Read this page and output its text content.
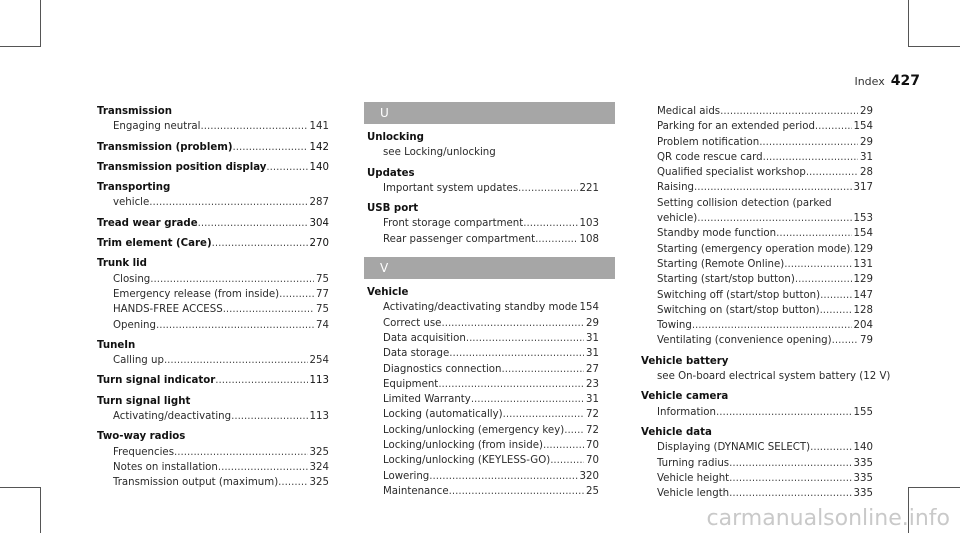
Index 427
Transmission
Engaging neutral .....	141
Transmission (problem) .....	142
Transmission position display .....	140
Transporting
vehicle .....	287
Tread wear grade .....	304
Trim element (Care) .....	270
Trunk lid
Closing .....	75
Emergency release (from inside) .....	77
HANDS-FREE ACCESS .....	75
Opening .....	74
TuneIn
Calling up .....	254
Turn signal indicator .....	113
Turn signal light
Activating/deactivating .....	113
Two-way radios
Frequencies .....	325
Notes on installation .....	324
Transmission output (maximum) .....	325
U
Unlocking
see Locking/unlocking
Updates
Important system updates .....	221
USB port
Front storage compartment .....	103
Rear passenger compartment .....	108
V
Vehicle
Activating/deactivating standby mode ..... 154
Correct use .....	29
Data acquisition .....	31
Data storage .....	31
Diagnostics connection .....	27
Equipment .....	23
Limited Warranty .....	31
Locking (automatically) .....	72
Locking/unlocking (emergency key) ..... 72
Locking/unlocking (from inside) .....	70
Locking/unlocking (KEYLESS-GO) .....	70
Lowering .....	320
Maintenance .....	25
Medical aids .....	29
Parking for an extended period .....	154
Problem notification .....	29
QR code rescue card .....	31
Qualified specialist workshop .....	28
Raising .....	317
Setting collision detection (parked
vehicle) .....	153
Standby mode function .....	154
Starting (emergency operation mode) ..... 129
Starting (Remote Online) .....	131
Starting (start/stop button) .....	129
Switching off (start/stop button) .....	147
Switching on (start/stop button) .....	128
Towing .....	204
Ventilating (convenience opening) .....	79
Vehicle battery
see On-board electrical system battery (12 V)
Vehicle camera
Information .....	155
Vehicle data
Displaying (DYNAMIC SELECT) .....	140
Turning radius .....	335
Vehicle height .....	335
Vehicle length .....	335
carmanualsonline.info
